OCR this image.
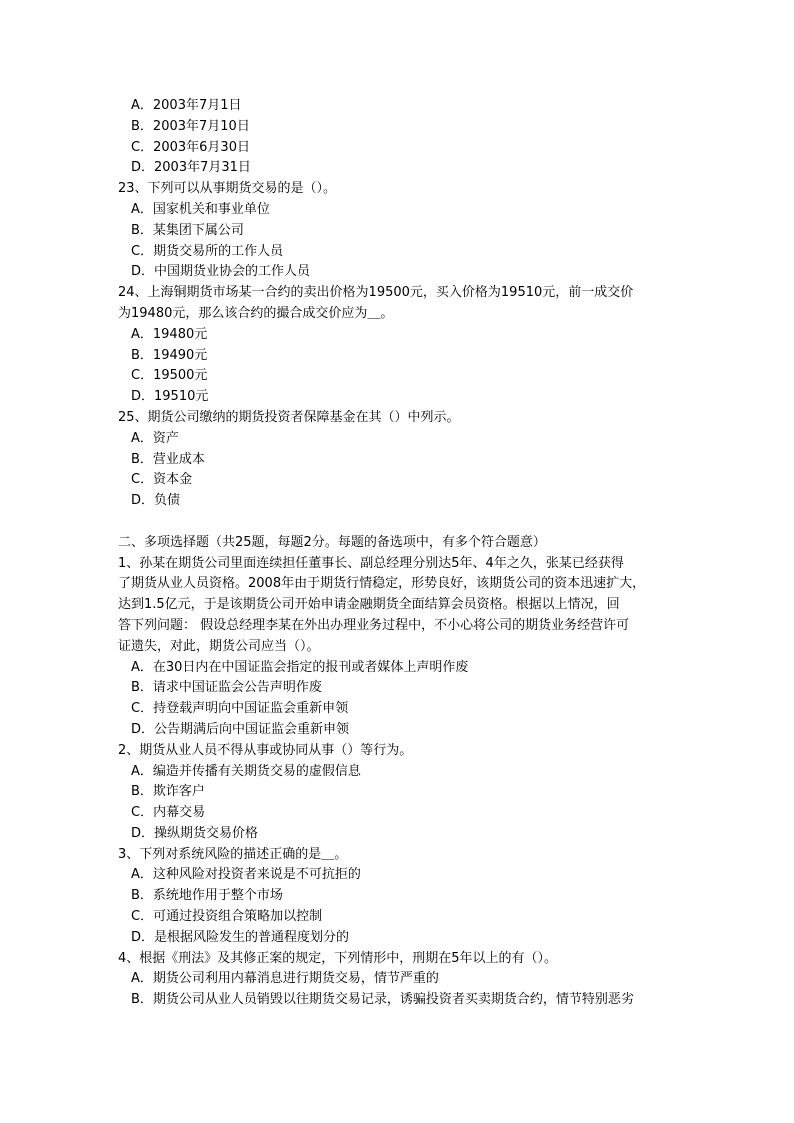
A．2003年7月1日
B．2003年7月10日
C．2003年6月30日
D．2003年7月31日
23、下列可以从事期货交易的是（）。
A．国家机关和事业单位
B．某集团下属公司
C．期货交易所的工作人员
D．中国期货业协会的工作人员
24、上海铜期货市场某一合约的卖出价格为19500元，买入价格为19510元，前一成交价
为19480元，那么该合约的撮合成交价应为＿。
A．19480元
B．19490元
C．19500元
D．19510元
25、期货公司缴纳的期货投资者保障基金在其（）中列示。
A．资产
B．营业成本
C．资本金
D．负债
二、多项选择题（共25题，每题2分。每题的备选项中，有多个符合题意）
1、孙某在期货公司里面连续担任董事长、副总经理分别达5年、4年之久，张某已经获得
了期货从业人员资格。2008年由于期货行情稳定，形势良好，该期货公司的资本迅速扩大，
达到1.5亿元，于是该期货公司开始申请金融期货全面结算会员资格。根据以上情况，回
答下列问题： 假设总经理李某在外出办理业务过程中，不小心将公司的期货业务经营许可
证遗失，对此，期货公司应当（）。
A．在30日内在中国证监会指定的报刊或者媒体上声明作废
B．请求中国证监会公告声明作废
C．持登载声明向中国证监会重新申领
D．公告期满后向中国证监会重新申领
2、期货从业人员不得从事或协同从事（）等行为。
A．编造并传播有关期货交易的虚假信息
B．欺诈客户
C．内幕交易
D．操纵期货交易价格
3、下列对系统风险的描述正确的是＿。
A．这种风险对投资者来说是不可抗拒的
B．系统地作用于整个市场
C．可通过投资组合策略加以控制
D．是根据风险发生的普通程度划分的
4、根据《刑法》及其修正案的规定，下列情形中，刑期在5年以上的有（）。
A．期货公司利用内幕消息进行期货交易，情节严重的
B．期货公司从业人员销毁以往期货交易记录，诱骗投资者买卖期货合约，情节特别恶劣
